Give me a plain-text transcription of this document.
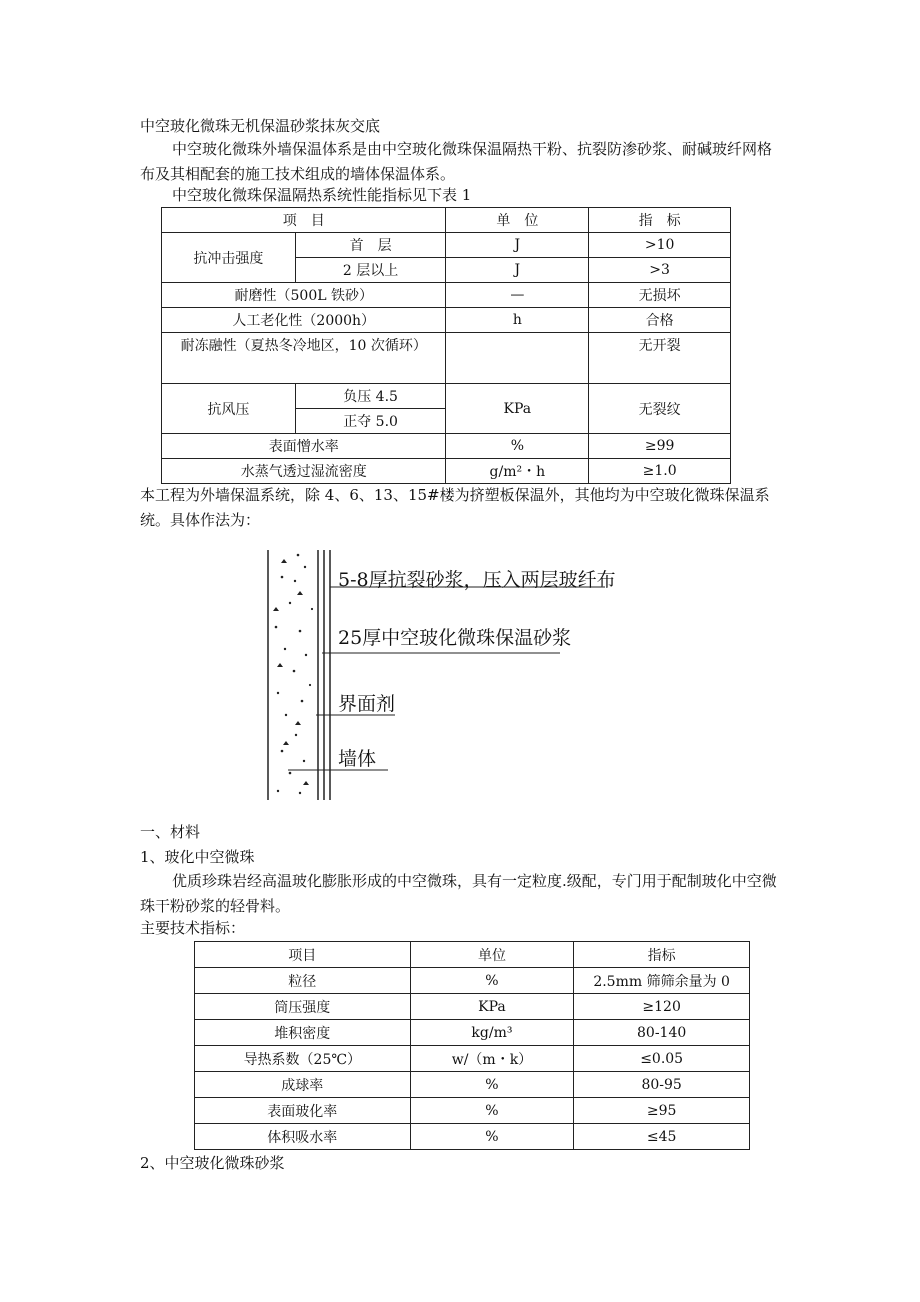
中空玻化微珠无机保温砂浆抹灰交底

中空玻化微珠外墙保温体系是由中空玻化微珠保温隔热干粉、抗裂防渗砂浆、耐碱玻纤网格布及其相配套的施工技术组成的墙体保温体系。

中空玻化微珠保温隔热系统性能指标见下表 1

项　目		单　位	指　标
抗冲击强度	首　层	J	>10
	2 层以上	J	>3
耐磨性（500L 铁砂）		—	无损坏
人工老化性（2000h）		h	合格
耐冻融性（夏热冬冷地区，10 次循环）			无开裂
抗风压	负压 4.5	KPa	无裂纹
	正夺 5.0		
表面憎水率		%	≥99
水蒸气透过湿流密度		g/m²・h	≥1.0
本工程为外墙保温系统，除 4、6、13、15#楼为挤塑板保温外，其他均为中空玻化微珠保温系统。具体作法为：
5-8厚抗裂砂浆，压入两层玻纤布
25厚中空玻化微珠保温砂浆
界面剂
墙体

一、材料

1、玻化中空微珠

优质珍珠岩经高温玻化膨胀形成的中空微珠，具有一定粒度.级配，专门用于配制玻化中空微珠干粉砂浆的轻骨料。

主要技术指标：

项目	单位	指标
粒径	%	2.5mm 筛筛余量为 0
筒压强度	KPa	≥120
堆积密度	kg/m³	80-140
导热系数（25℃）	w/（m・k）	≤0.05
成球率	%	80-95
表面玻化率	%	≥95
体积吸水率	%	≤45

2、中空玻化微珠砂浆
